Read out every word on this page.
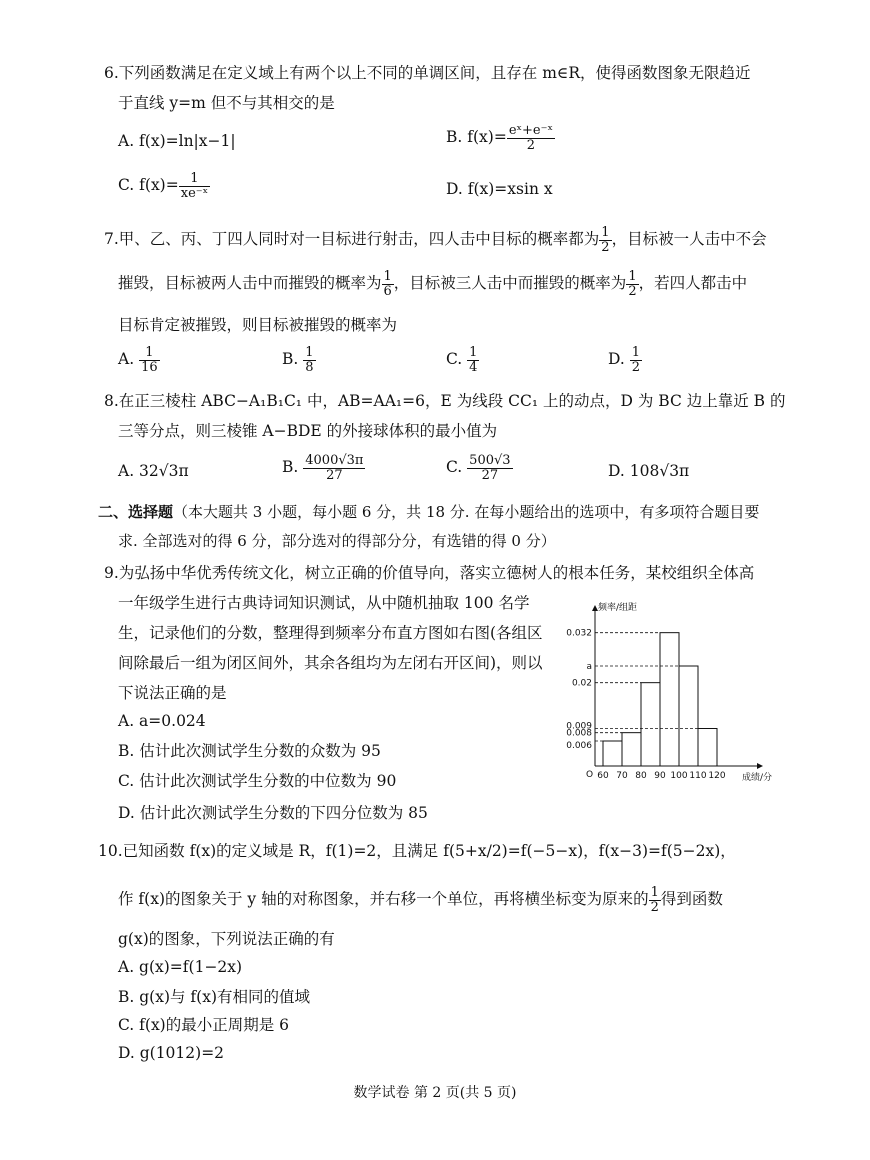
6.下列函数满足在定义域上有两个以上不同的单调区间，且存在 m∈R，使得函数图象无限趋近
于直线 y=m 但不与其相交的是
A. f(x)=ln|x−1|	B. $f(x)= \frac{\text{eˣ+e⁻ˣ}}{2}$
C. $f(x)= \frac{1}{\text{xe⁻ˣ}}$	D. f(x)=xsin x
7.甲、乙、丙、丁四人同时对一目标进行射击，四人击中目标的概率都为 $\frac{1}{2}$ ，目标被一人击中不会
摧毁，目标被两人击中而摧毁的概率为 $\frac{1}{6}$ ，目标被三人击中而摧毁的概率为 $\frac{1}{2}$ ，若四人都击中
目标肯定被摧毁，则目标被摧毁的概率为
A. $\frac{1}{16}$	B. $\frac{1}{8}$	C. $\frac{1}{4}$	D. $\frac{1}{2}$
8.在正三棱柱 ABC−A₁B₁C₁ 中，AB=AA₁=6，E 为线段 CC₁ 上的动点，D 为 BC 边上靠近 B 的
三等分点，则三棱锥 A−BDE 的外接球体积的最小值为
A. 32√3π	B. $\frac{4000√3\pi}{27}$	C. $\frac{500√3}{27}$	D. 108√3π
二、选择题（本大题共 3 小题，每小题 6 分，共 18 分. 在每小题给出的选项中，有多项符合题目要
求. 全部选对的得 6 分，部分选对的得部分分，有选错的得 0 分）
9.为弘扬中华优秀传统文化，树立正确的价值导向，落实立德树人的根本任务，某校组织全体高
一年级学生进行古典诗词知识测试，从中随机抽取 100 名学
生，记录他们的分数，整理得到频率分布直方图如右图(各组区
间除最后一组为闭区间外，其余各组均为左闭右开区间)，则以
下说法正确的是
A. a=0.024
B. 估计此次测试学生分数的众数为 95
C. 估计此次测试学生分数的中位数为 90
D. 估计此次测试学生分数的下四分位数为 85
频率/组距
成绩/分
O
0.032
a
0.02
0.009
0.008
0.006
60 70 80 90 100 110 120
10.已知函数 f(x)的定义域是 R，f(1)=2，且满足 f(5+x/2)=f(−5−x)，f(x−3)=f(5−2x)，
作 f(x)的图象关于 y 轴的对称图象，并右移一个单位，再将横坐标变为原来的 $\frac{1}{2}$ 得到函数
g(x)的图象，下列说法正确的有
A. g(x)=f(1−2x)
B. g(x)与 f(x)有相同的值域
C. f(x)的最小正周期是 6
D. g(1012)=2
数学试卷 第 2 页(共 5 页)
